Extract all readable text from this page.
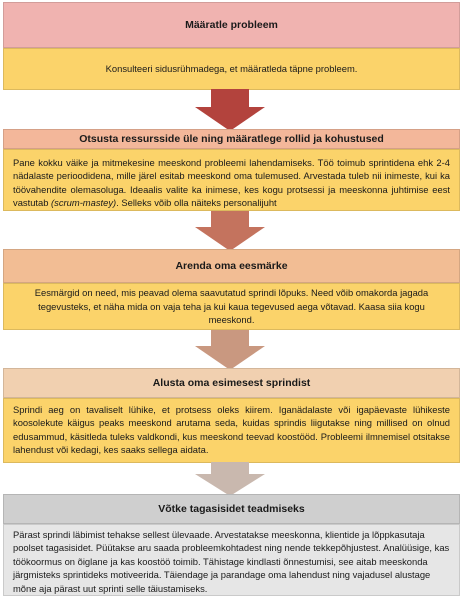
Määratle probleem
Konsulteeri sidusrühmadega, et määratleda täpne probleem.
Otsusta ressursside üle ning määratlege rollid ja kohustused
Pane kokku väike ja mitmekesine meeskond probleemi lahendamiseks. Töö toimub sprintidena ehk 2-4 nädalaste perioodidena, mille järel esitab meeskond oma tulemused. Arvestada tuleb nii inimeste, kui ka töövahendite olemasoluga. Ideaalis valite ka inimese, kes kogu protsessi ja meeskonna juhtimise eest vastutab (scrum-mastey). Selleks võib olla näiteks personalijuht
Arenda oma eesmärke
Eesmärgid on need, mis peavad olema saavutatud sprindi lõpuks. Need võib omakorda jagada tegevusteks, et näha mida on vaja teha ja kui kaua tegevused aega võtavad. Kaasa siia kogu meeskond.
Alusta oma esimesest sprindist
Sprindi aeg on tavaliselt lühike, et protsess oleks kiirem. Iganädalaste või igapäevaste lühikeste koosolekute käigus peaks meeskond arutama seda, kuidas sprindis liigutakse ning millised on olnud edusammud, käsitleda tuleks valdkondi, kus meeskond teevad koostööd. Probleemi ilmnemisel otsitakse lahendust või kedagi, kes saaks sellega aidata.
Võtke tagasisidet teadmiseks
Pärast sprindi läbimist tehakse sellest ülevaade. Arvestatakse meeskonna, klientide ja lõppkasutaja poolset tagasisidet. Püütakse aru saada probleemkohtadest ning nende tekkepõhjustest. Analüüsige, kas töökoormus on õiglane ja kas koostöö toimib. Tähistage kindlasti õnnestumisi, see aitab meeskonda järgmisteks sprintideks motiveerida. Täiendage ja parandage oma lahendust ning vajadusel alustage mõne aja pärast uut sprinti selle täiustamiseks.
